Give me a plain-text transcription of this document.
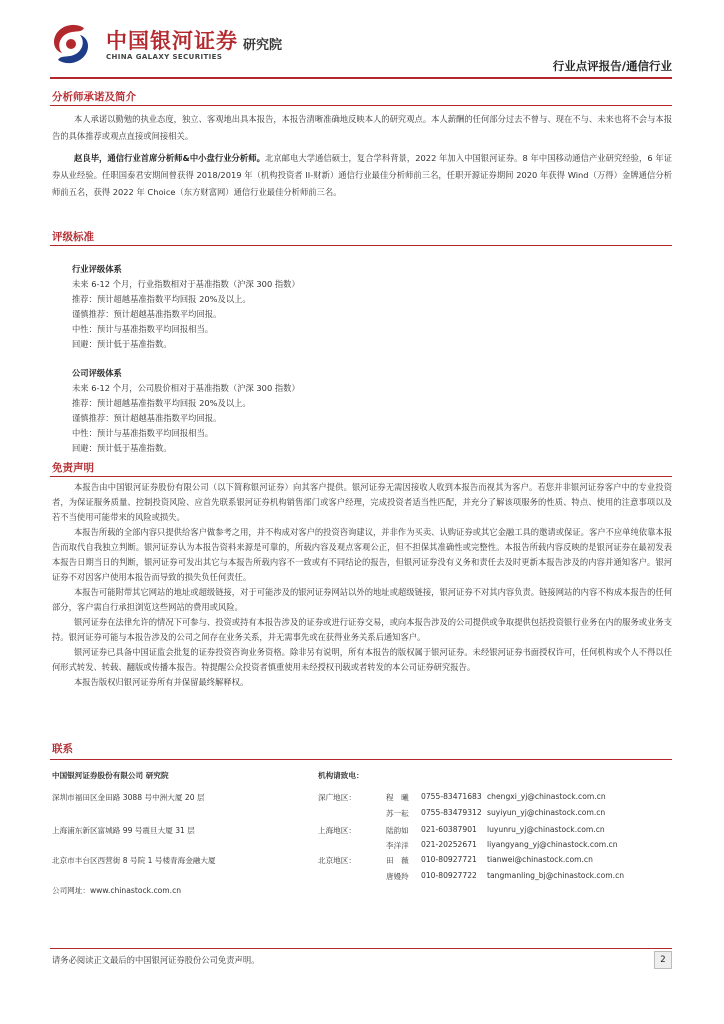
中国银河证券 研究院
CHINA GALAXY SECURITIES
行业点评报告/通信行业
分析师承诺及简介
本人承诺以勤勉的执业态度，独立、客观地出具本报告，本报告清晰准确地反映本人的研究观点。本人薪酬的任何部分过去不曾与、现在不与、未来也将不会与本报告的具体推荐或观点直接或间接相关。
赵良毕，通信行业首席分析师&中小盘行业分析师。北京邮电大学通信硕士，复合学科背景，2022 年加入中国银河证券。8 年中国移动通信产业研究经验，6 年证券从业经验。任职国泰君安期间曾获得 2018/2019 年（机构投资者 II-财新）通信行业最佳分析师前三名，任职开源证券期间 2020 年获得 Wind（万得）金牌通信分析师前五名，获得 2022 年 Choice（东方财富网）通信行业最佳分析师前三名。
评级标准
行业评级体系
未来 6-12 个月，行业指数相对于基准指数（沪深 300 指数）
推荐：预计超越基准指数平均回报 20%及以上。
谨慎推荐：预计超越基准指数平均回报。
中性：预计与基准指数平均回报相当。
回避：预计低于基准指数。
公司评级体系
未来 6-12 个月，公司股价相对于基准指数（沪深 300 指数）
推荐：预计超越基准指数平均回报 20%及以上。
谨慎推荐：预计超越基准指数平均回报。
中性：预计与基准指数平均回报相当。
回避：预计低于基准指数。
免责声明
本报告由中国银河证券股份有限公司（以下简称银河证券）向其客户提供。银河证券无需因接收人收到本报告而视其为客户。若您并非银河证券客户中的专业投资者，为保证服务质量、控制投资风险、应首先联系银河证券机构销售部门或客户经理，完成投资者适当性匹配，并充分了解该项服务的性质、特点、使用的注意事项以及若不当使用可能带来的风险或损失。
本报告所载的全部内容只提供给客户做参考之用，并不构成对客户的投资咨询建议，并非作为买卖、认购证券或其它金融工具的邀请或保证。客户不应单纯依靠本报告而取代自我独立判断。银河证券认为本报告资料来源是可靠的，所载内容及观点客观公正，但不担保其准确性或完整性。本报告所载内容反映的是银河证券在最初发表本报告日期当日的判断，银河证券可发出其它与本报告所载内容不一致或有不同结论的报告，但银河证券没有义务和责任去及时更新本报告涉及的内容并通知客户。银河证券不对因客户使用本报告而导致的损失负任何责任。
本报告可能附带其它网站的地址或超级链接，对于可能涉及的银河证券网站以外的地址或超级链接，银河证券不对其内容负责。链接网站的内容不构成本报告的任何部分，客户需自行承担浏览这些网站的费用或风险。
银河证券在法律允许的情况下可参与、投资或持有本报告涉及的证券或进行证券交易，或向本报告涉及的公司提供或争取提供包括投资银行业务在内的服务或业务支持。银河证券可能与本报告涉及的公司之间存在业务关系，并无需事先或在获得业务关系后通知客户。
银河证券已具备中国证监会批复的证券投资咨询业务资格。除非另有说明，所有本报告的版权属于银河证券。未经银河证券书面授权许可，任何机构或个人不得以任何形式转发、转载、翻版或传播本报告。特提醒公众投资者慎重使用未经授权刊载或者转发的本公司证券研究报告。
本报告版权归银河证券所有并保留最终解释权。
联系
中国银河证券股份有限公司 研究院	机构请致电：
深圳市福田区金田路 3088 号中洲大厦 20 层
上海浦东新区富城路 99 号震旦大厦 31 层
北京市丰台区西营街 8 号院 1 号楼青海金融大厦
深广地区：
上海地区：
北京地区：
程　曦 0755-83471683 chengxi_yj@chinastock.com.cn
苏一耘 0755-83479312 suyiyun_yj@chinastock.com.cn
陆韵如 021-60387901 luyunru_yj@chinastock.com.cn
李洋洋 021-20252671 liyangyang_yj@chinastock.com.cn
田　薇 010-80927721 tianwei@chinastock.com.cn
唐嫚羚 010-80927722 tangmanling_bj@chinastock.com.cn
公司网址：www.chinastock.com.cn
请务必阅读正文最后的中国银河证券股份公司免责声明。	2
